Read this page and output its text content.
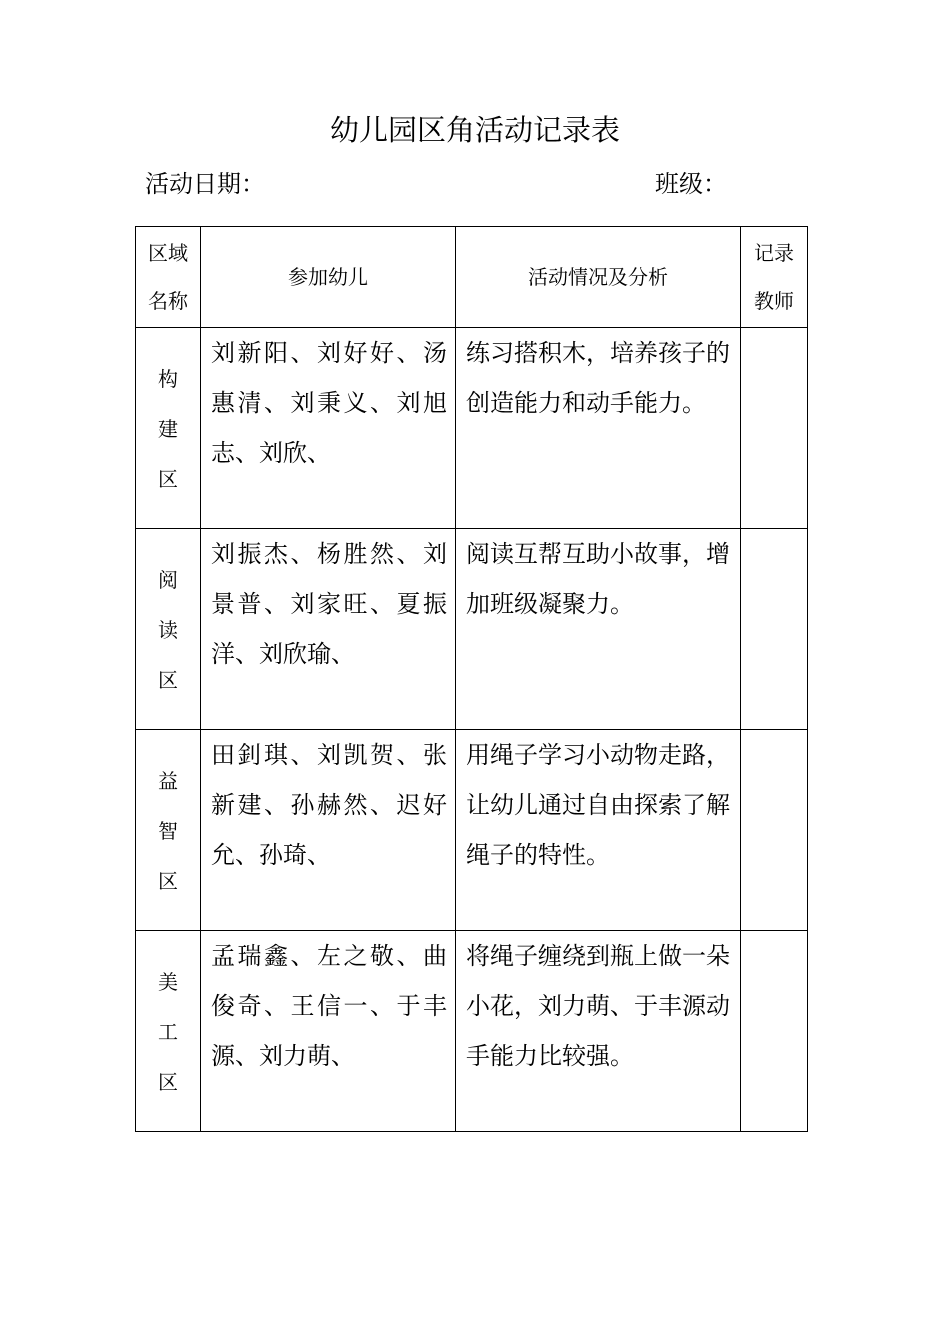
幼儿园区角活动记录表
活动日期：	班级：
区域
名称	参加幼儿	活动情况及分析	记录
教师

构
建
区	刘新阳、刘好好、汤惠清、刘秉义、刘旭志、刘欣、	练习搭积木，培养孩子的创造能力和动手能力。	

阅
读
区	刘振杰、杨胜然、刘景普、刘家旺、夏振洋、刘欣瑜、	阅读互帮互助小故事，增加班级凝聚力。	

益
智
区	田釗琪、刘凯贺、张新建、孙赫然、迟好允、孙琦、	用绳子学习小动物走路，让幼儿通过自由探索了解绳子的特性。	

美
工
区	孟瑞鑫、左之敬、曲俊奇、王信一、于丰源、刘力萌、	将绳子缠绕到瓶上做一朵小花，刘力萌、于丰源动手能力比较强。	
